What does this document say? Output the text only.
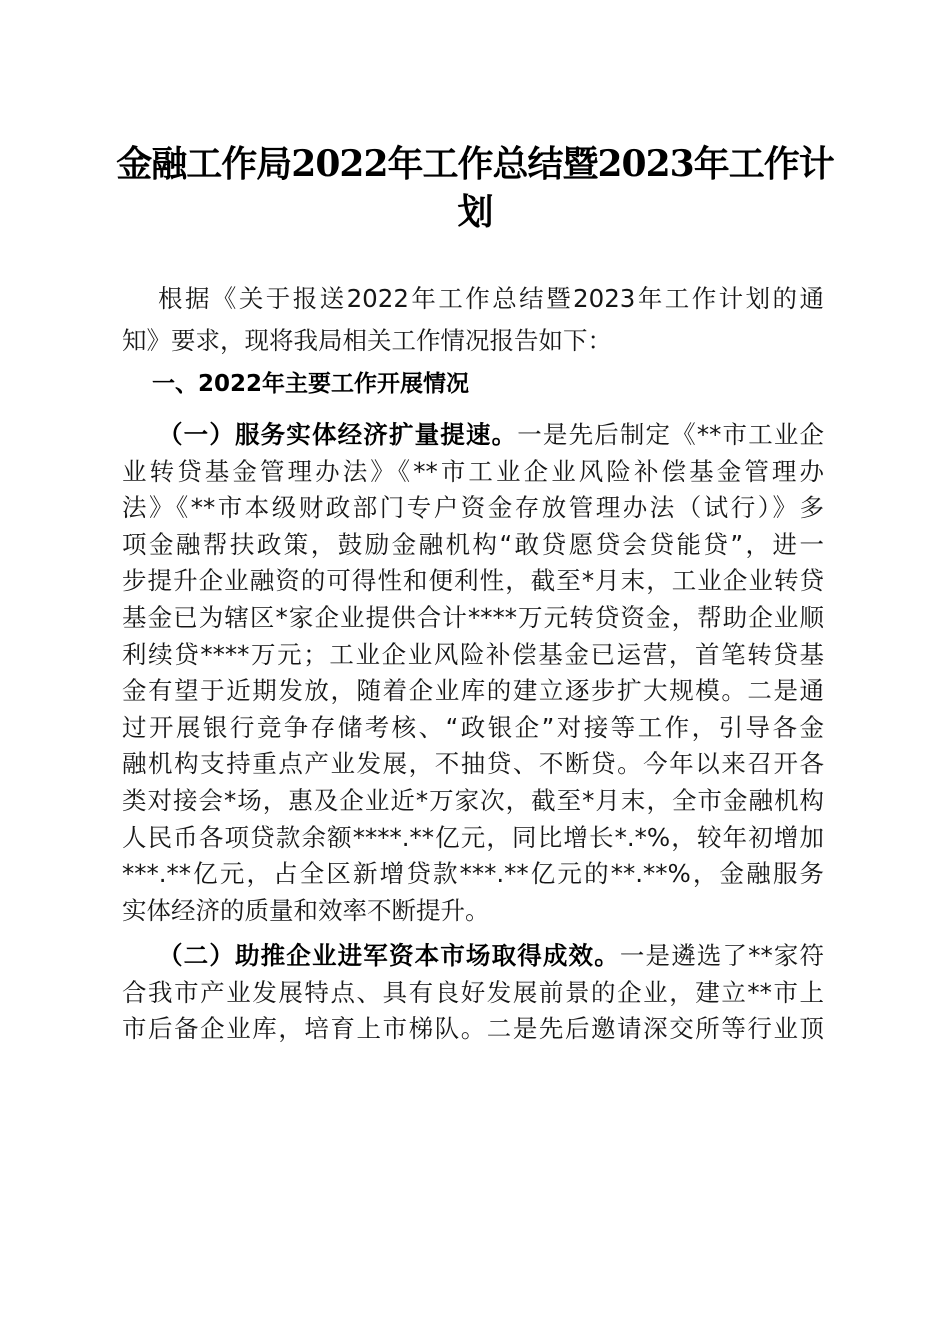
金融工作局2022年工作总结暨2023年工作计
划
根据《关于报送2022年工作总结暨2023年工作计划的通
知》要求，现将我局相关工作情况报告如下：
一、2022年主要工作开展情况
（一）服务实体经济扩量提速。一是先后制定《**市工业企
业转贷基金管理办法》《**市工业企业风险补偿基金管理办
法》《**市本级财政部门专户资金存放管理办法（试行）》多
项金融帮扶政策，鼓励金融机构“敢贷愿贷会贷能贷”，进一
步提升企业融资的可得性和便利性，截至*月末，工业企业转贷
基金已为辖区*家企业提供合计****万元转贷资金，帮助企业顺
利续贷****万元；工业企业风险补偿基金已运营，首笔转贷基
金有望于近期发放，随着企业库的建立逐步扩大规模。二是通
过开展银行竞争存储考核、“政银企”对接等工作，引导各金
融机构支持重点产业发展，不抽贷、不断贷。今年以来召开各
类对接会*场，惠及企业近*万家次，截至*月末，全市金融机构
人民币各项贷款余额****.**亿元，同比增长*.*%，较年初增加
***.**亿元，占全区新增贷款***.**亿元的**.**%，金融服务
实体经济的质量和效率不断提升。
（二）助推企业进军资本市场取得成效。一是遴选了**家符
合我市产业发展特点、具有良好发展前景的企业，建立**市上
市后备企业库，培育上市梯队。二是先后邀请深交所等行业顶
